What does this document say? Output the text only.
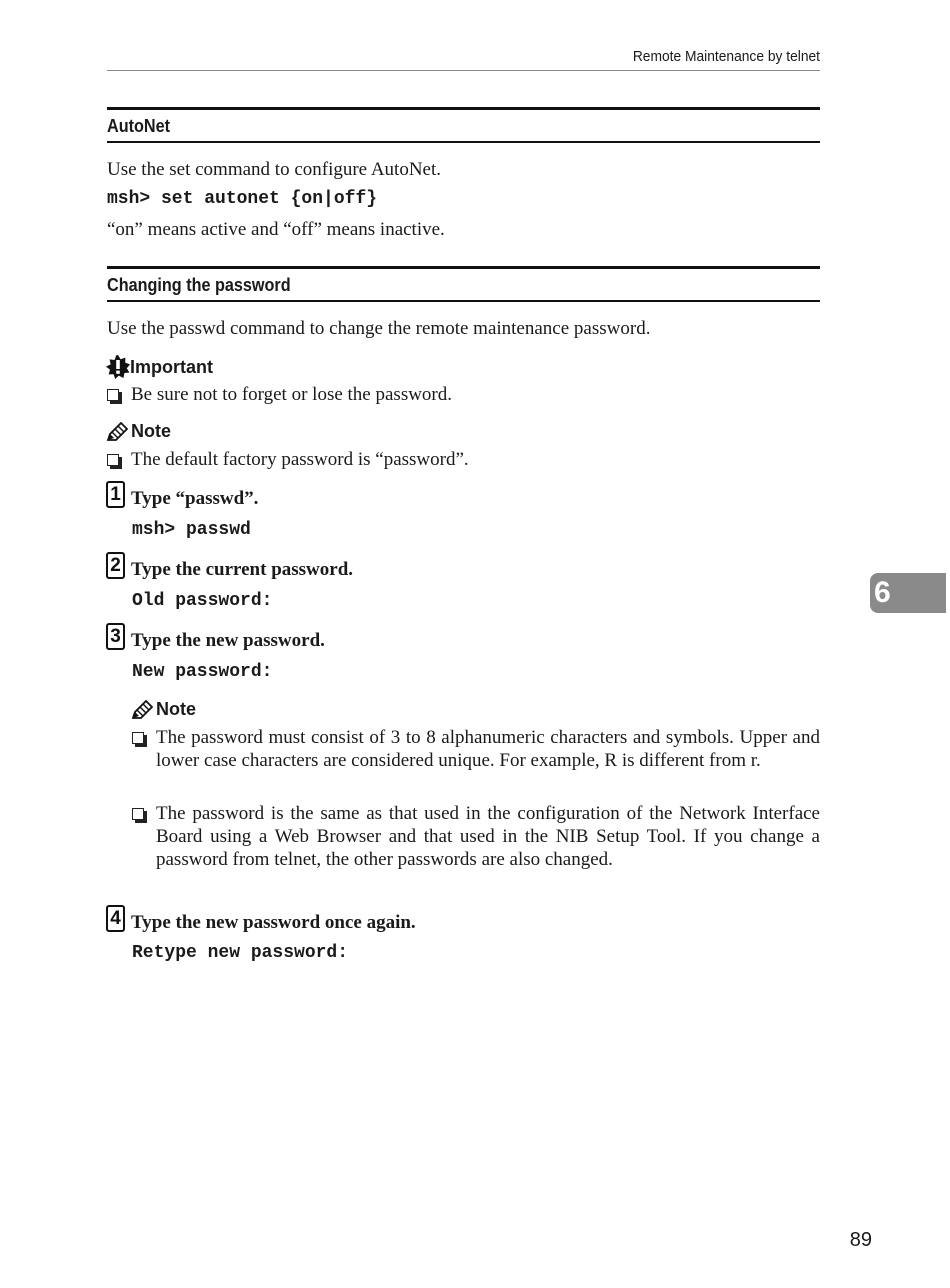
Remote Maintenance by telnet
AutoNet
Use the set command to configure AutoNet.
msh> set autonet {on|off}
“on” means active and “off” means inactive.
Changing the password
Use the passwd command to change the remote maintenance password.
Important
Be sure not to forget or lose the password.
Note
The default factory password is “password”.
1 Type “passwd”.
msh> passwd
2 Type the current password.
Old password:
3 Type the new password.
New password:
Note
The password must consist of 3 to 8 alphanumeric characters and symbols. Upper and lower case characters are considered unique. For example, R is different from r.
The password is the same as that used in the configuration of the Network Interface Board using a Web Browser and that used in the NIB Setup Tool. If you change a password from telnet, the other passwords are also changed.
4 Type the new password once again.
Retype new password:
6
89
